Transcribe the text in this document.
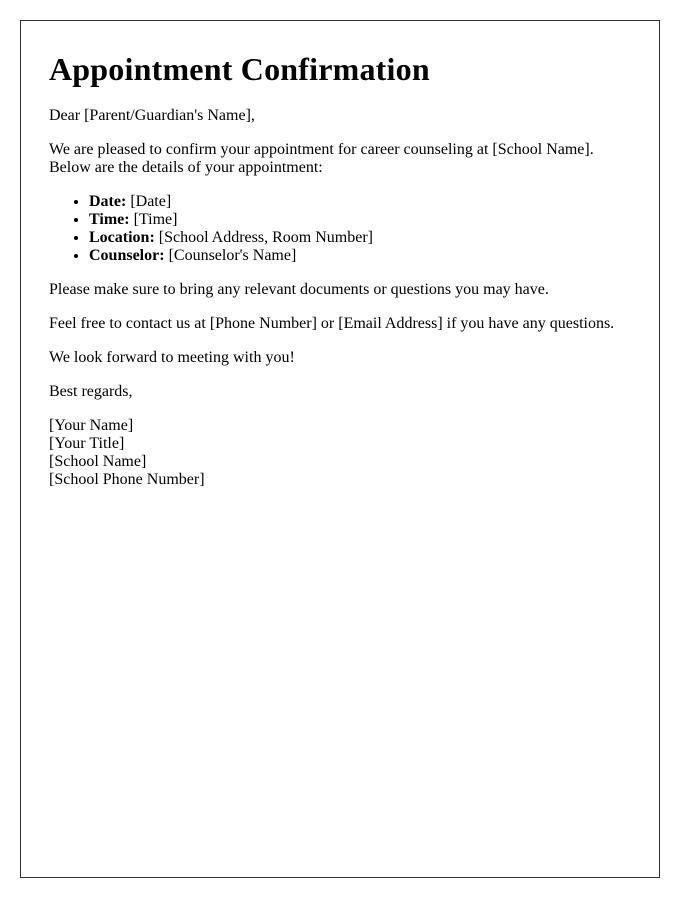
Appointment Confirmation

Dear [Parent/Guardian's Name],

We are pleased to confirm your appointment for career counseling at [School Name].
Below are the details of your appointment:

• Date: [Date]
• Time: [Time]
• Location: [School Address, Room Number]
• Counselor: [Counselor's Name]

Please make sure to bring any relevant documents or questions you may have.

Feel free to contact us at [Phone Number] or [Email Address] if you have any questions.

We look forward to meeting with you!

Best regards,

[Your Name]
[Your Title]
[School Name]
[School Phone Number]
